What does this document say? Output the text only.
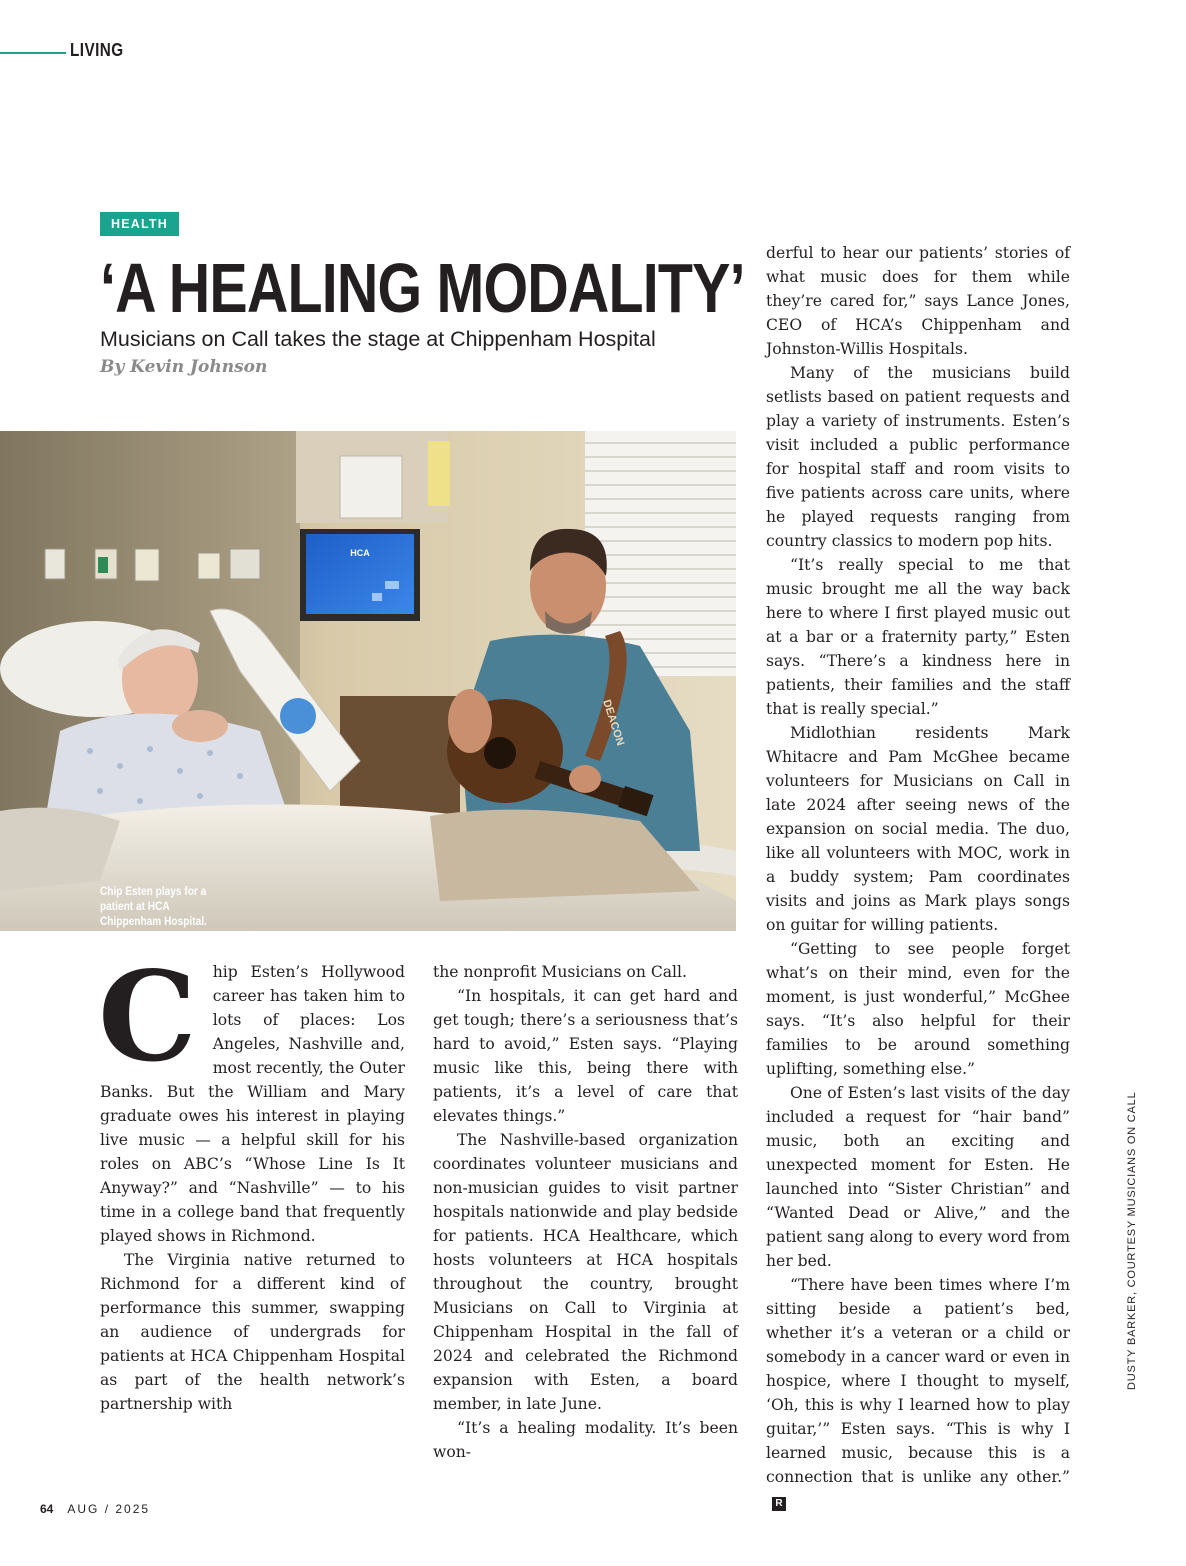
LIVING
HEALTH
‘A HEALING MODALITY’
Musicians on Call takes the stage at Chippenham Hospital
By Kevin Johnson
HCA
DEACON
Chip Esten plays for a patient at HCA Chippenham Hospital.

C hip Esten’s Hollywood career has taken him to lots of places: Los Angeles, Nashville and, most recently, the Outer Banks. But the William and Mary graduate owes his interest in playing live music — a helpful skill for his roles on ABC’s “Whose Line Is It Anyway?” and “Nashville” — to his time in a college band that frequently played shows in Richmond.

The Virginia native returned to Richmond for a different kind of performance this summer, swapping an audience of undergrads for patients at HCA Chippenham Hospital as part of the health network’s partnership with

the nonprofit Musicians on Call.

“In hospitals, it can get hard and get tough; there’s a seriousness that’s hard to avoid,” Esten says. “Playing music like this, being there with patients, it’s a level of care that elevates things.”

The Nashville-based organization coordinates volunteer musicians and non-musician guides to visit partner hospitals nationwide and play bedside for patients. HCA Healthcare, which hosts volunteers at HCA hospitals throughout the country, brought Musicians on Call to Virginia at Chippenham Hospital in the fall of 2024 and celebrated the Richmond expansion with Esten, a board member, in late June.

“It’s a healing modality. It’s been won-

derful to hear our patients’ stories of what music does for them while they’re cared for,” says Lance Jones, CEO of HCA’s Chippenham and Johnston-Willis Hospitals.

Many of the musicians build setlists based on patient requests and play a variety of instruments. Esten’s visit included a public performance for hospital staff and room visits to five patients across care units, where he played requests ranging from country classics to modern pop hits.

“It’s really special to me that music brought me all the way back here to where I first played music out at a bar or a fraternity party,” Esten says. “There’s a kindness here in patients, their families and the staff that is really special.”

Midlothian residents Mark Whitacre and Pam McGhee became volunteers for Musicians on Call in late 2024 after seeing news of the expansion on social media. The duo, like all volunteers with MOC, work in a buddy system; Pam coordinates visits and joins as Mark plays songs on guitar for willing patients.

“Getting to see people forget what’s on their mind, even for the moment, is just wonderful,” McGhee says. “It’s also helpful for their families to be around something uplifting, something else.”

One of Esten’s last visits of the day included a request for “hair band” music, both an exciting and unexpected moment for Esten. He launched into “Sister Christian” and “Wanted Dead or Alive,” and the patient sang along to every word from her bed.

“There have been times where I’m sitting beside a patient’s bed, whether it’s a veteran or a child or somebody in a cancer ward or even in hospice, where I thought to myself, ‘Oh, this is why I learned how to play guitar,’” Esten says. “This is why I learned music, because this is a connection that is unlike any other.”R

DUSTY BARKER, COURTESY MUSICIANS ON CALL
64 AUG / 2025
